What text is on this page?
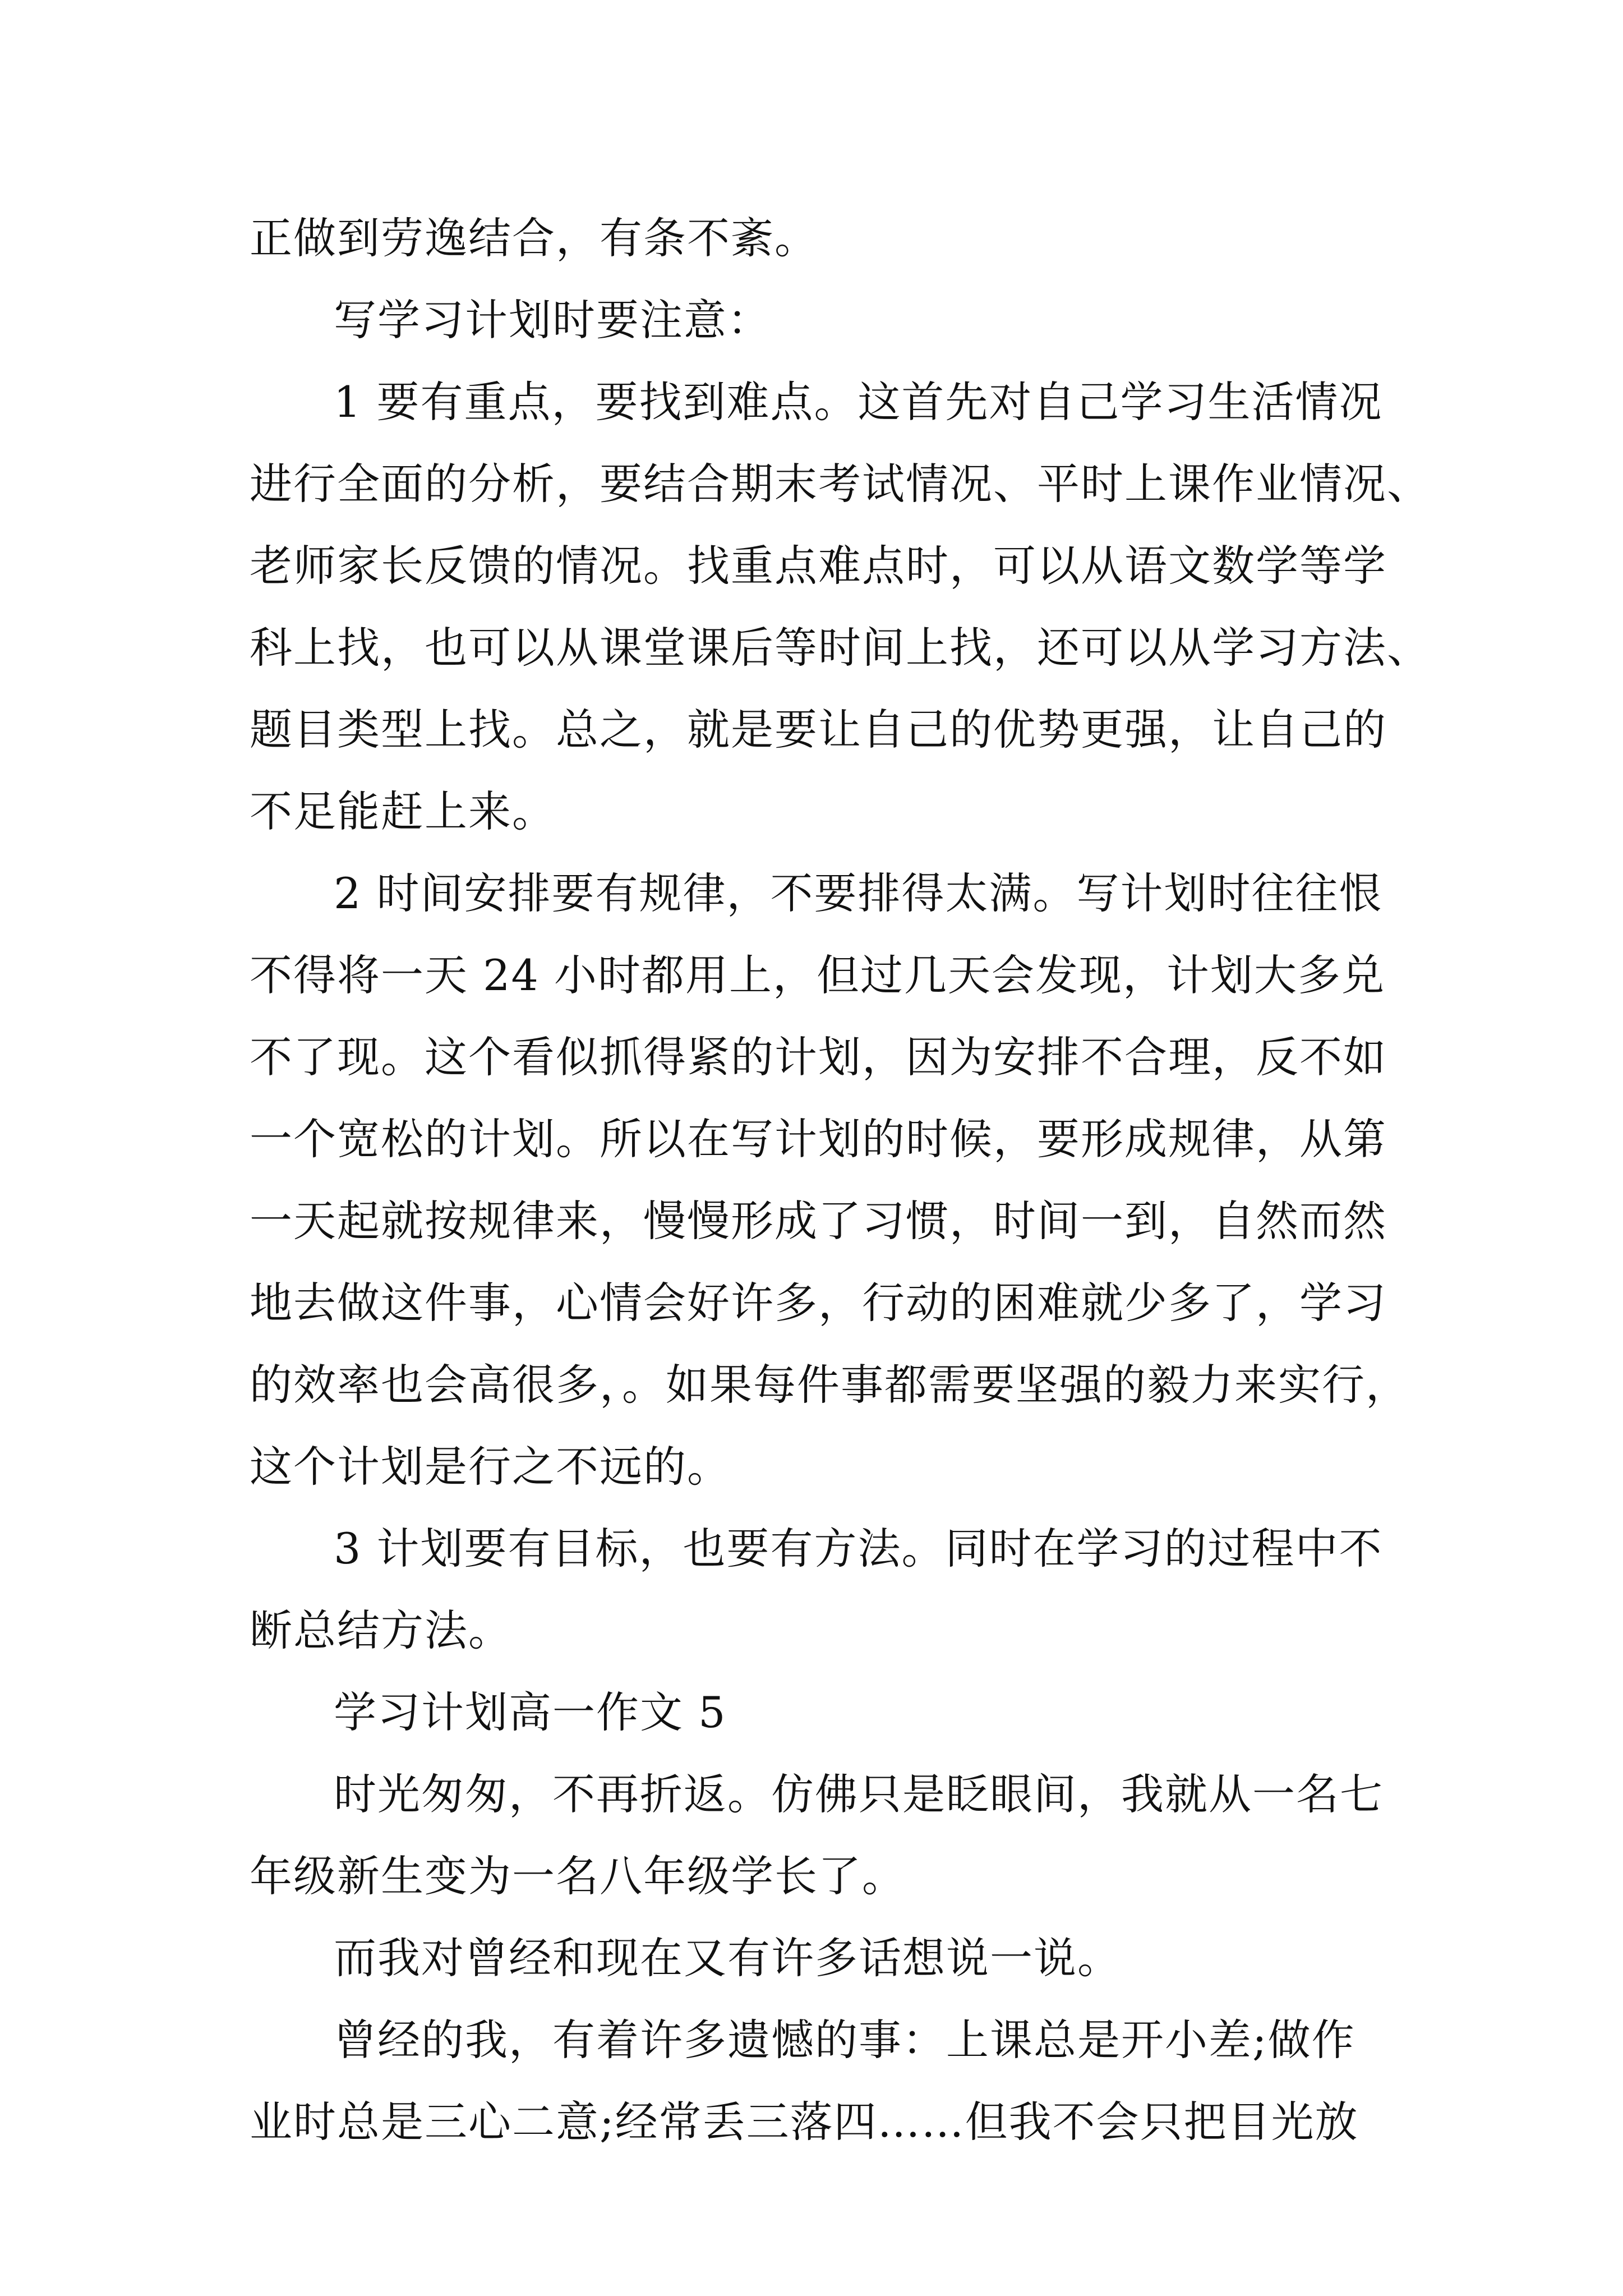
正做到劳逸结合，有条不紊。
写学习计划时要注意：
1 要有重点，要找到难点。这首先对自己学习生活情况
进行全面的分析，要结合期末考试情况、平时上课作业情况、
老师家长反馈的情况。找重点难点时，可以从语文数学等学
科上找，也可以从课堂课后等时间上找，还可以从学习方法、
题目类型上找。总之，就是要让自己的优势更强，让自己的
不足能赶上来。
2 时间安排要有规律，不要排得太满。写计划时往往恨
不得将一天 24 小时都用上，但过几天会发现，计划大多兑
不了现。这个看似抓得紧的计划，因为安排不合理，反不如
一个宽松的计划。所以在写计划的时候，要形成规律，从第
一天起就按规律来，慢慢形成了习惯，时间一到，自然而然
地去做这件事，心情会好许多，行动的困难就少多了，学习
的效率也会高很多，。如果每件事都需要坚强的毅力来实行，
这个计划是行之不远的。
3 计划要有目标，也要有方法。同时在学习的过程中不
断总结方法。
学习计划高一作文 5
时光匆匆，不再折返。仿佛只是眨眼间，我就从一名七
年级新生变为一名八年级学长了。
而我对曾经和现在又有许多话想说一说。
曾经的我，有着许多遗憾的事：上课总是开小差;做作
业时总是三心二意;经常丢三落四……但我不会只把目光放
